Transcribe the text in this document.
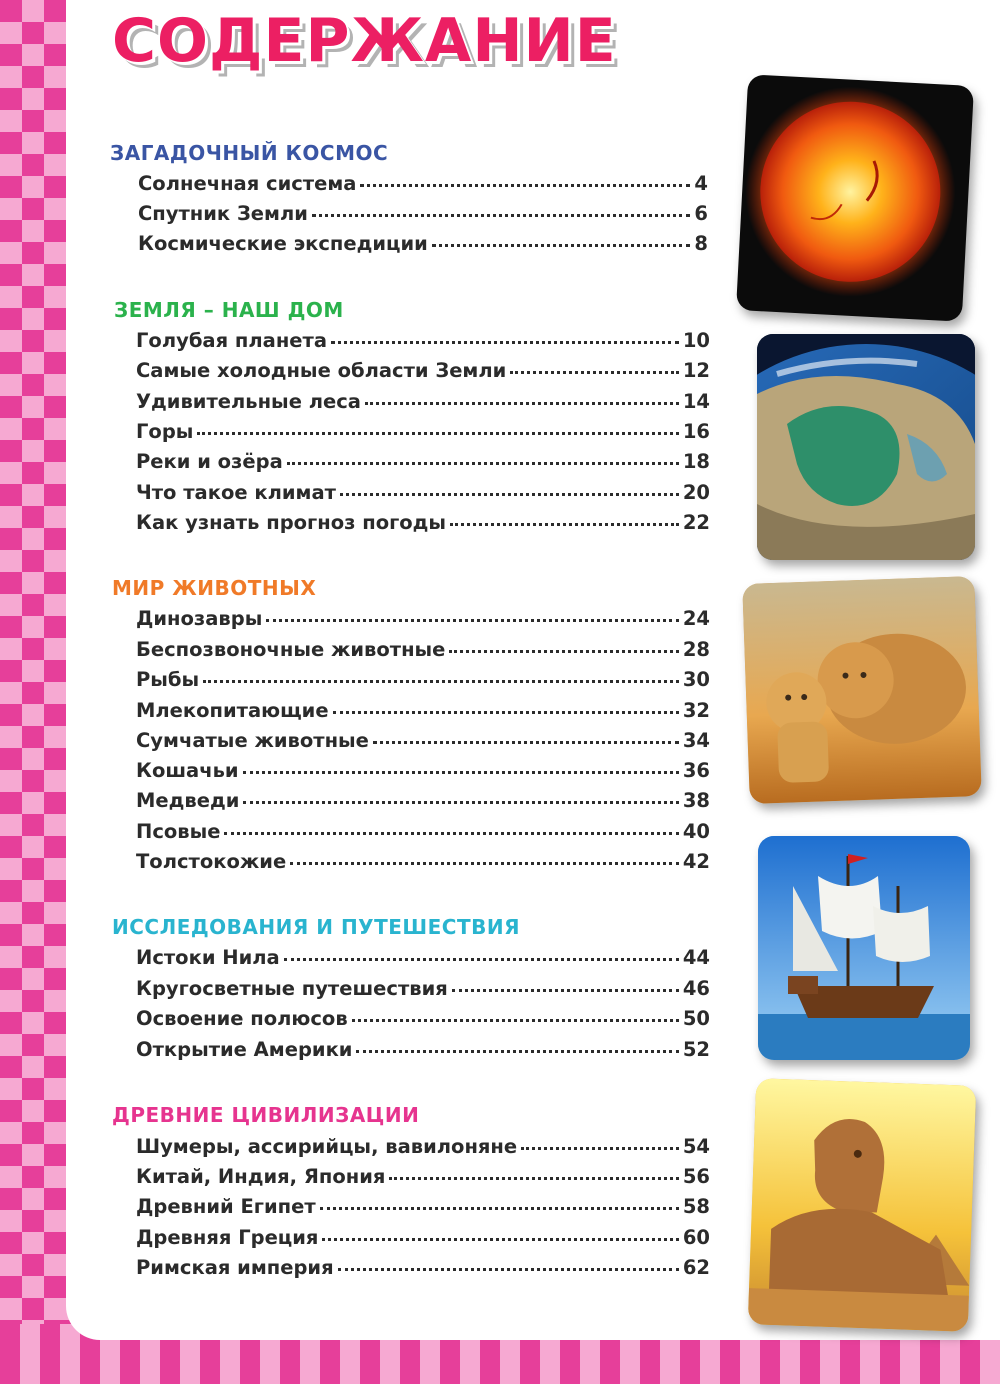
СОДЕРЖАНИЕ
ЗАГАДОЧНЫЙ КОСМОС
Солнечная система	4
Спутник Земли	6
Космические экспедиции	8
ЗЕМЛЯ – НАШ ДОМ
Голубая планета	10
Самые холодные области Земли	12
Удивительные леса	14
Горы	16
Реки и озёра	18
Что такое климат	20
Как узнать прогноз погоды	22
МИР ЖИВОТНЫХ
Динозавры	24
Беспозвоночные животные	28
Рыбы	30
Млекопитающие	32
Сумчатые животные	34
Кошачьи	36
Медведи	38
Псовые	40
Толстокожие	42
ИССЛЕДОВАНИЯ И ПУТЕШЕСТВИЯ
Истоки Нила	44
Кругосветные путешествия	46
Освоение полюсов	50
Открытие Америки	52
ДРЕВНИЕ ЦИВИЛИЗАЦИИ
Шумеры, ассирийцы, вавилоняне	54
Китай, Индия, Япония	56
Древний Египет	58
Древняя Греция	60
Римская империя	62
